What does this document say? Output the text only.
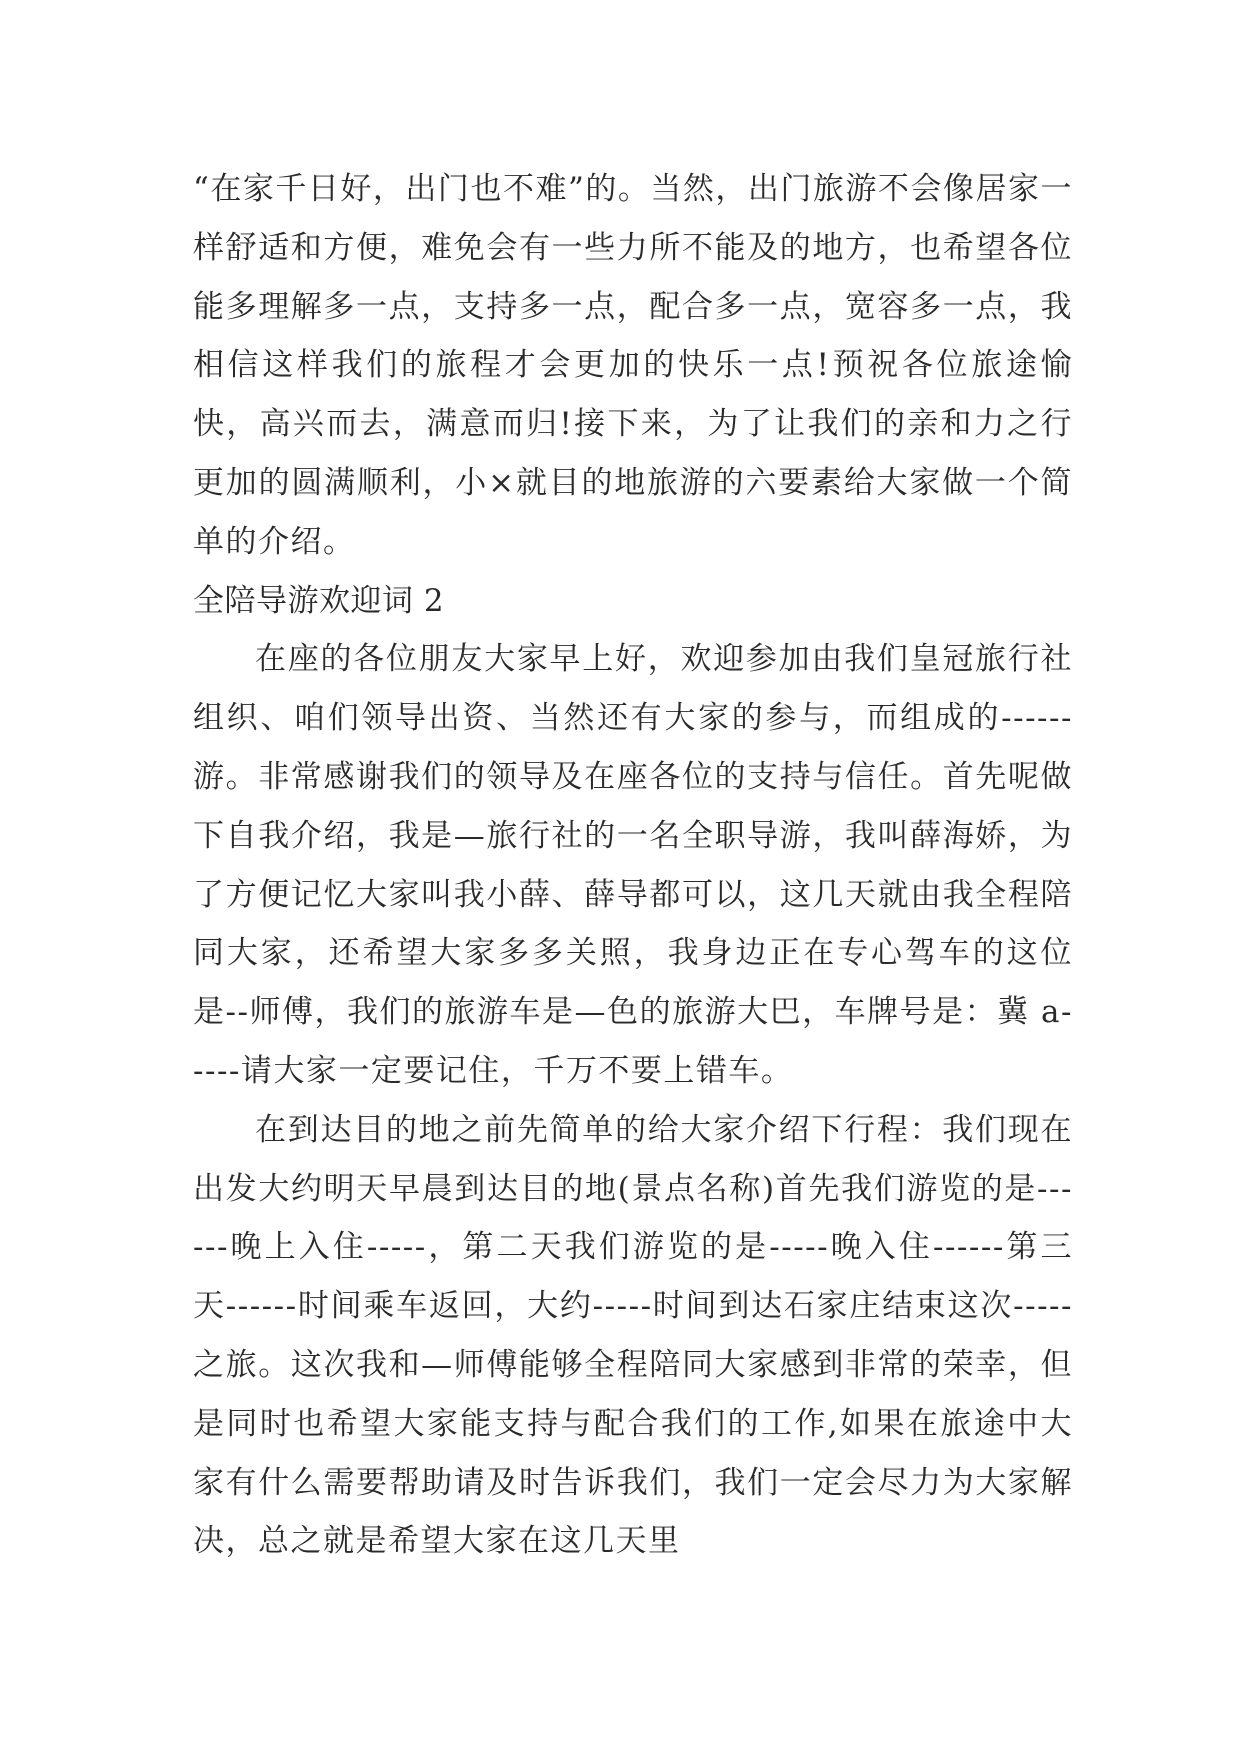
“在家千日好，出门也不难”的。当然，出门旅游不会像居家一样舒适和方便，难免会有一些力所不能及的地方，也希望各位能多理解多一点，支持多一点，配合多一点，宽容多一点，我相信这样我们的旅程才会更加的快乐一点!预祝各位旅途愉快，高兴而去，满意而归!接下来，为了让我们的亲和力之行更加的圆满顺利，小×就目的地旅游的六要素给大家做一个简单的介绍。

全陪导游欢迎词 2

在座的各位朋友大家早上好，欢迎参加由我们皇冠旅行社组织、咱们领导出资、当然还有大家的参与，而组成的------游。非常感谢我们的领导及在座各位的支持与信任。首先呢做下自我介绍，我是—旅行社的一名全职导游，我叫薛海娇，为了方便记忆大家叫我小薛、薛导都可以，这几天就由我全程陪同大家，还希望大家多多关照，我身边正在专心驾车的这位是--师傅，我们的旅游车是—色的旅游大巴，车牌号是：冀 a-----请大家一定要记住，千万不要上错车。

在到达目的地之前先简单的给大家介绍下行程：我们现在出发大约明天早晨到达目的地(景点名称)首先我们游览的是------晚上入住-----，第二天我们游览的是-----晚入住------第三天------时间乘车返回，大约-----时间到达石家庄结束这次-----之旅。这次我和—师傅能够全程陪同大家感到非常的荣幸，但是同时也希望大家能支持与配合我们的工作,如果在旅途中大家有什么需要帮助请及时告诉我们，我们一定会尽力为大家解决，总之就是希望大家在这几天里
